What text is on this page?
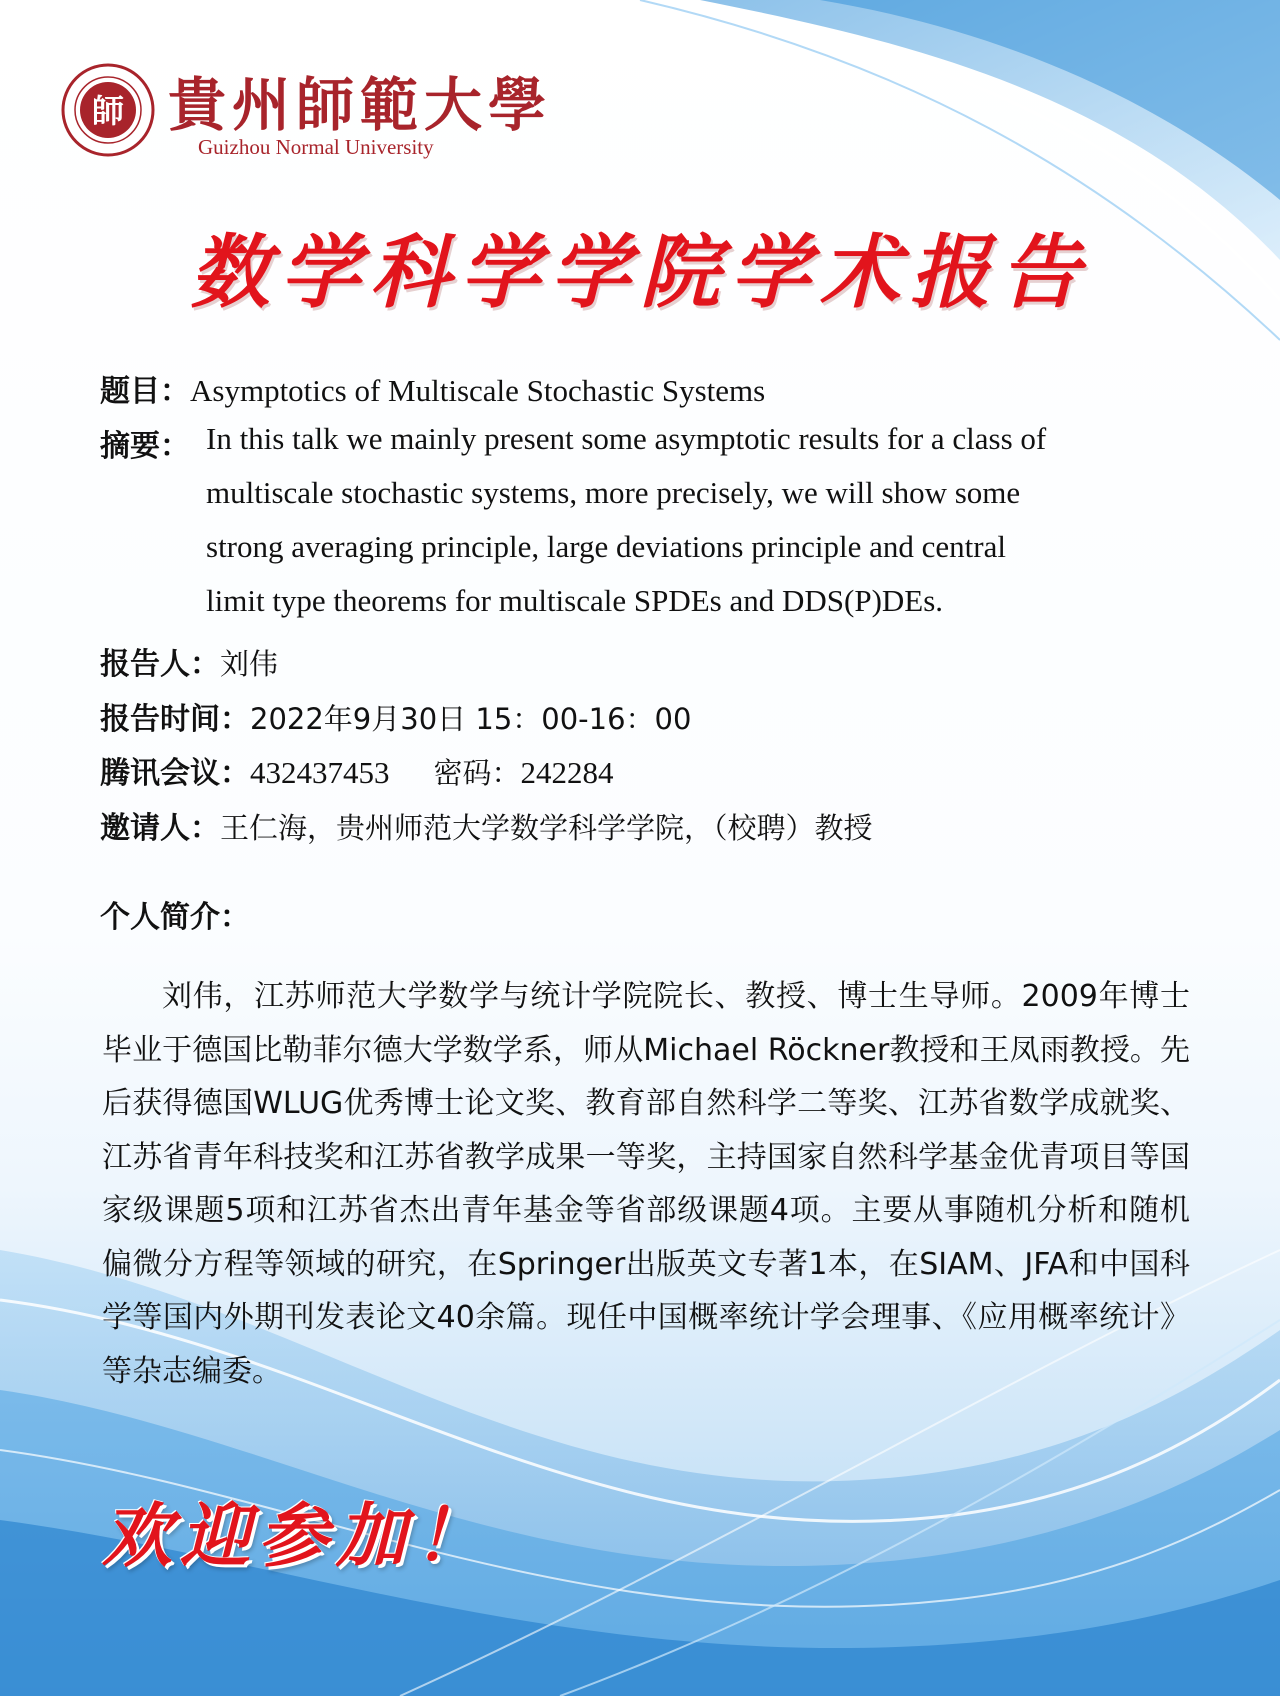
師 貴州師範大學
Guizhou Normal University
数学科学学院学术报告
题目：Asymptotics of Multiscale Stochastic Systems
摘要： In this talk we mainly present some asymptotic results for a class of
multiscale stochastic systems, more precisely, we will show some
strong averaging principle, large deviations principle and central
limit type theorems for multiscale SPDEs and DDS(P)DEs.
报告人：刘伟
报告时间：2022年9月30日 15：00-16：00
腾讯会议：432437453 密码：242284
邀请人：王仁海，贵州师范大学数学科学学院，（校聘）教授
个人简介：

刘伟，江苏师范大学数学与统计学院院长、教授、博士生导师。2009年博士毕业于德国比勒菲尔德大学数学系，师从Michael Röckner教授和王凤雨教授。先后获得德国WLUG优秀博士论文奖、教育部自然科学二等奖、江苏省数学成就奖、江苏省青年科技奖和江苏省教学成果一等奖，主持国家自然科学基金优青项目等国家级课题5项和江苏省杰出青年基金等省部级课题4项。主要从事随机分析和随机偏微分方程等领域的研究，在Springer出版英文专著1本，在SIAM、JFA和中国科学等国内外期刊发表论文40余篇。现任中国概率统计学会理事、《应用概率统计》等杂志编委。

欢迎参加！
